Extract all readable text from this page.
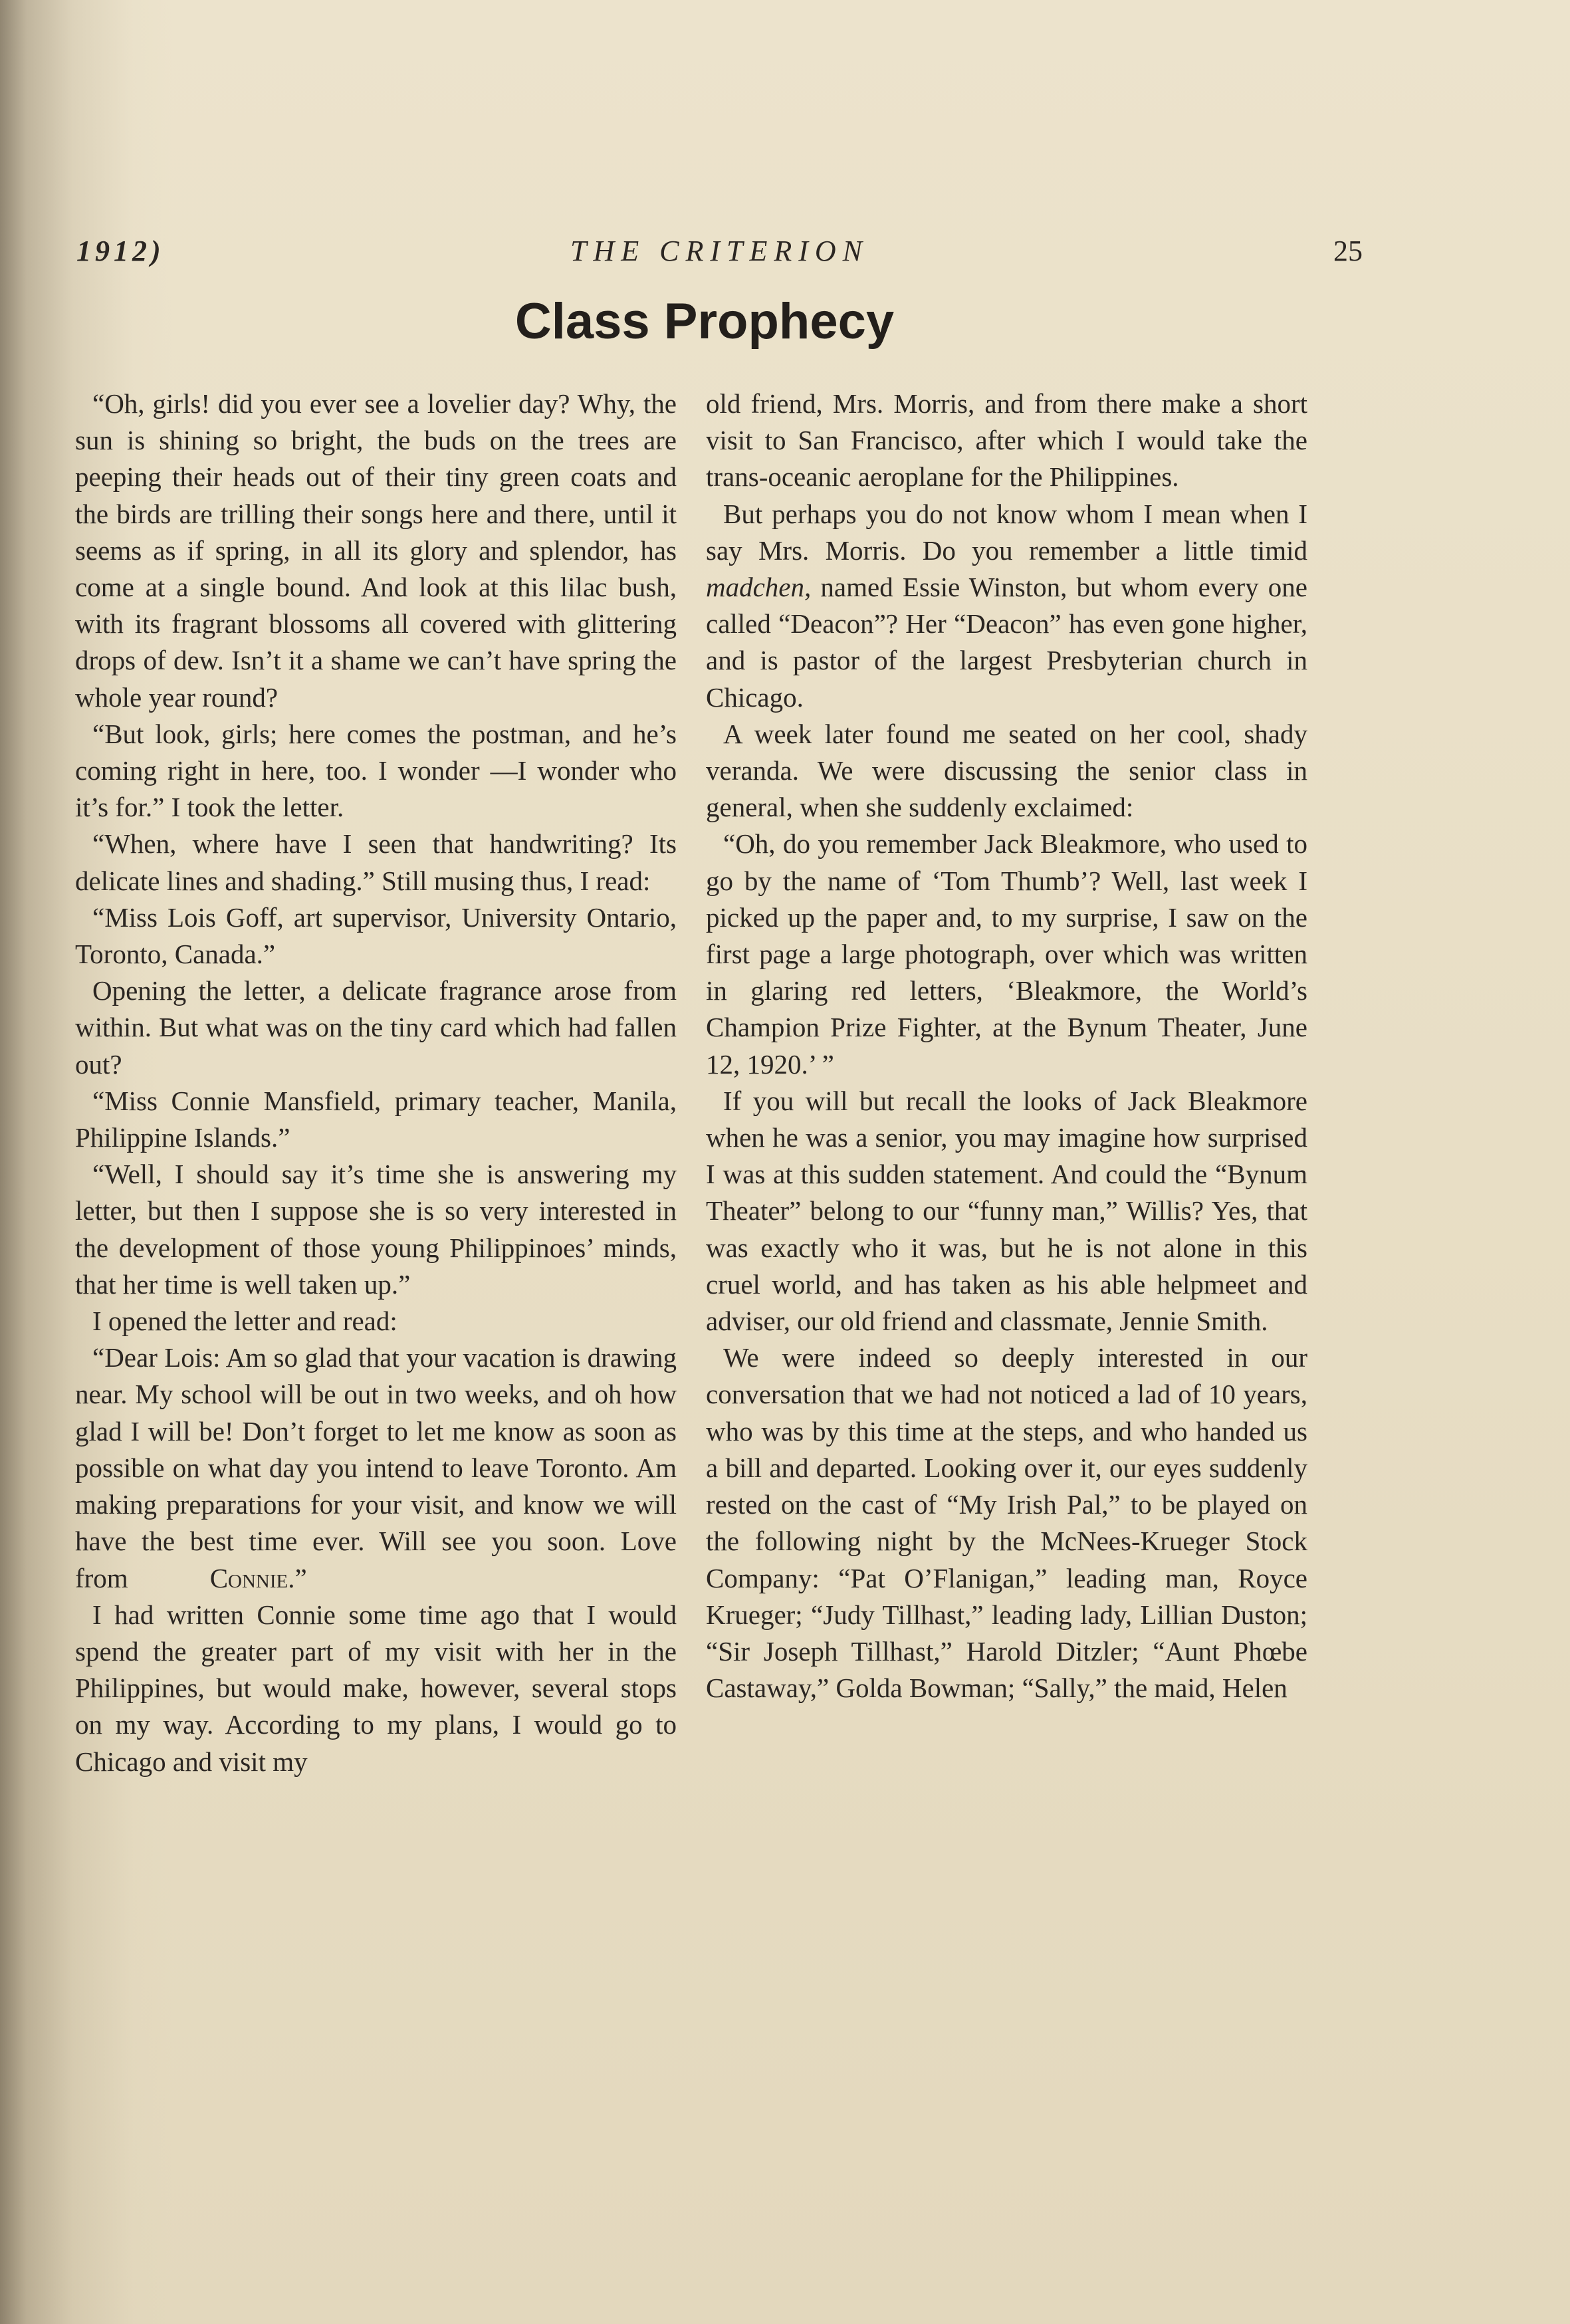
1912)	THE CRITERION	25
Class Prophecy

“Oh, girls! did you ever see a lovelier day? Why, the sun is shining so bright, the buds on the trees are peeping their heads out of their tiny green coats and the birds are trilling their songs here and there, until it seems as if spring, in all its glory and splendor, has come at a single bound. And look at this lilac bush, with its fragrant blossoms all covered with glittering drops of dew. Isn’t it a shame we can’t have spring the whole year round?

“But look, girls; here comes the postman, and he’s coming right in here, too. I wonder —I wonder who it’s for.” I took the letter.

“When, where have I seen that handwriting? Its delicate lines and shading.” Still musing thus, I read:

“Miss Lois Goff, art supervisor, University Ontario, Toronto, Canada.”

Opening the letter, a delicate fragrance arose from within. But what was on the tiny card which had fallen out?

“Miss Connie Mansfield, primary teacher, Manila, Philippine Islands.”

“Well, I should say it’s time she is answering my letter, but then I suppose she is so very interested in the development of those young Philippinoes’ minds, that her time is well taken up.”

I opened the letter and read:

“Dear Lois: Am so glad that your vacation is drawing near. My school will be out in two weeks, and oh how glad I will be! Don’t forget to let me know as soon as possible on what day you intend to leave Toronto. Am making preparations for your visit, and know we will have the best time ever. Will see you soon. Love from	Connie.”

I had written Connie some time ago that I would spend the greater part of my visit with her in the Philippines, but would make, however, several stops on my way. According to my plans, I would go to Chicago and visit my

old friend, Mrs. Morris, and from there make a short visit to San Francisco, after which I would take the trans-oceanic aeroplane for the Philippines.

But perhaps you do not know whom I mean when I say Mrs. Morris. Do you remember a little timid madchen, named Essie Winston, but whom every one called “Deacon”? Her “Deacon” has even gone higher, and is pastor of the largest Presbyterian church in Chicago.

A week later found me seated on her cool, shady veranda. We were discussing the senior class in general, when she suddenly exclaimed:

“Oh, do you remember Jack Bleakmore, who used to go by the name of ‘Tom Thumb’? Well, last week I picked up the paper and, to my surprise, I saw on the first page a large photograph, over which was written in glaring red letters, ‘Bleakmore, the World’s Champion Prize Fighter, at the Bynum Theater, June 12, 1920.’ ”

If you will but recall the looks of Jack Bleakmore when he was a senior, you may imagine how surprised I was at this sudden statement. And could the “Bynum Theater” belong to our “funny man,” Willis? Yes, that was exactly who it was, but he is not alone in this cruel world, and has taken as his able helpmeet and adviser, our old friend and classmate, Jennie Smith.

We were indeed so deeply interested in our conversation that we had not noticed a lad of 10 years, who was by this time at the steps, and who handed us a bill and departed. Looking over it, our eyes suddenly rested on the cast of “My Irish Pal,” to be played on the following night by the McNees-Krueger Stock Company: “Pat O’Flanigan,” leading man, Royce Krueger; “Judy Tillhast,” leading lady, Lillian Duston; “Sir Joseph Tillhast,” Harold Ditzler; “Aunt Phœbe Castaway,” Golda Bowman; “Sally,” the maid, Helen
